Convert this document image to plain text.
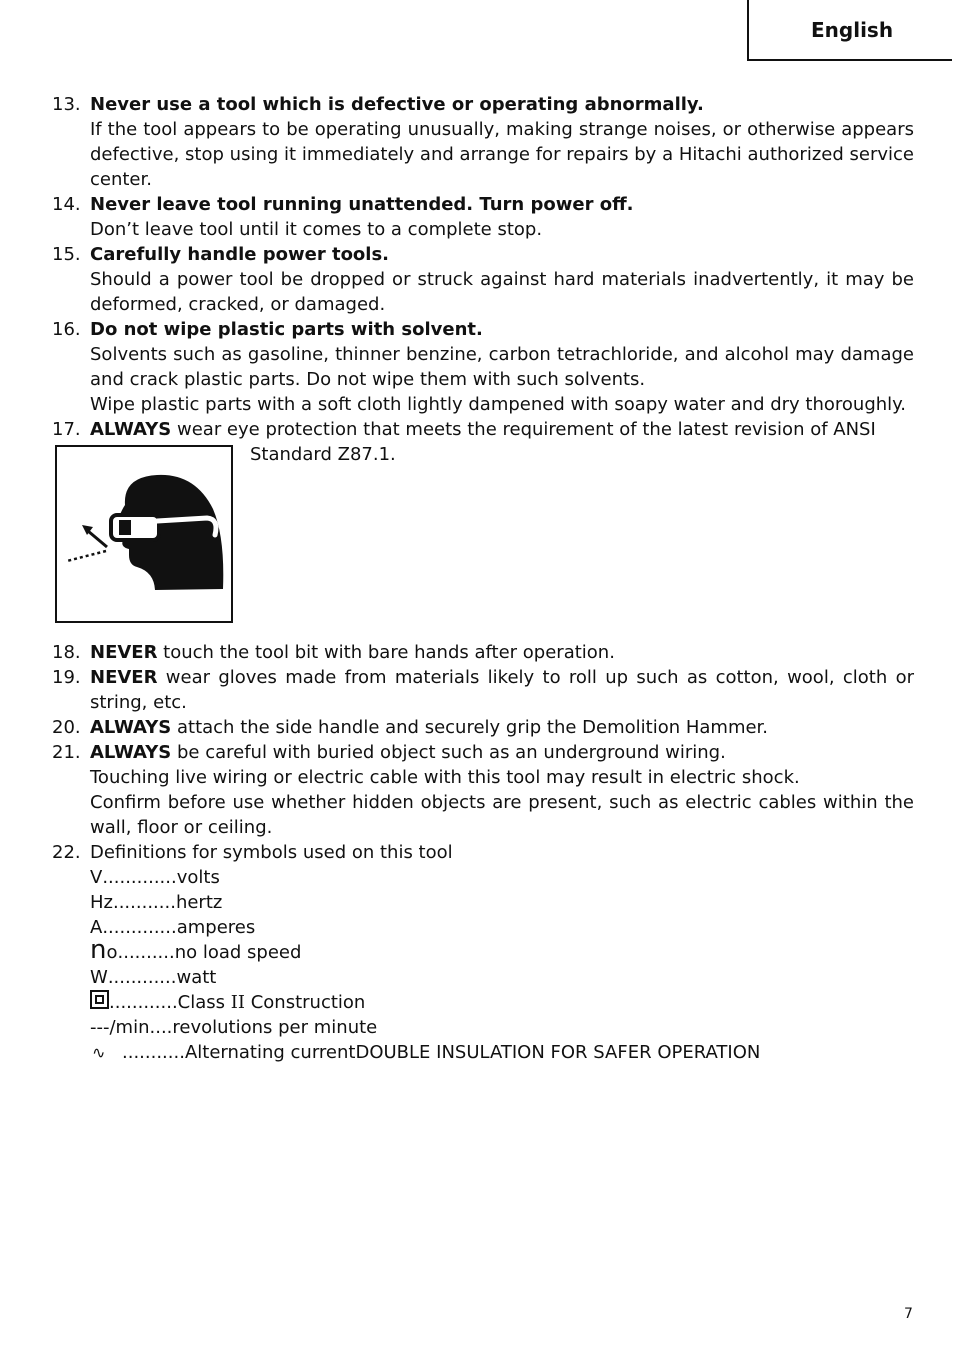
English
13. Never use a tool which is defective or operating abnormally.
If the tool appears to be operating unusually, making strange noises, or otherwise appears defective, stop using it immediately and arrange for repairs by a Hitachi authorized service center.
14. Never leave tool running unattended. Turn power off.
Don’t leave tool until it comes to a complete stop.
15. Carefully handle power tools.
Should a power tool be dropped or struck against hard materials inadvertently, it may be deformed, cracked, or damaged.
16. Do not wipe plastic parts with solvent.
Solvents such as gasoline, thinner benzine, carbon tetrachloride, and alcohol may damage and crack plastic parts. Do not wipe them with such solvents.
Wipe plastic parts with a soft cloth lightly dampened with soapy water and dry thoroughly.
17. ALWAYS wear eye protection that meets the requirement of the latest revision of ANSI
Standard Z87.1.
18. NEVER touch the tool bit with bare hands after operation.
19. NEVER wear gloves made from materials likely to roll up such as cotton, wool, cloth or string, etc.
20. ALWAYS attach the side handle and securely grip the Demolition Hammer.
21. ALWAYS be careful with buried object such as an underground wiring.
Touching live wiring or electric cable with this tool may result in electric shock.
Confirm before use whether hidden objects are present, such as electric cables within the wall, floor or ceiling.
22. Definitions for symbols used on this tool
V ............. volts
Hz ........... hertz
A ............. amperes
no .......... no load speed
W ............ watt
............ Class II Construction
---/min .... revolutions per minute
∿ ........... Alternating currentDOUBLE INSULATION FOR SAFER OPERATION
7
